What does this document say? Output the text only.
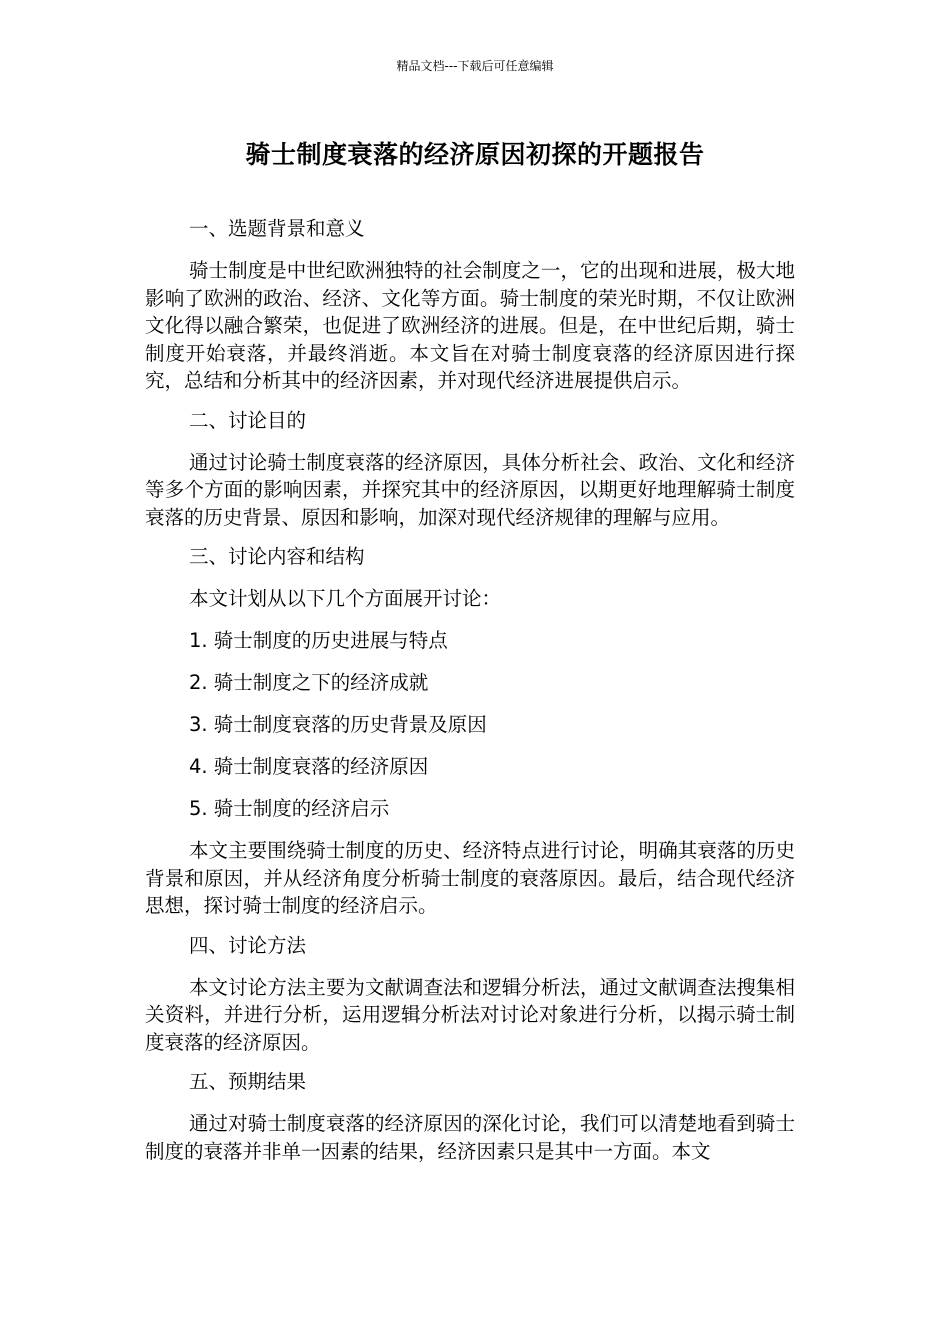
精品文档---下载后可任意编辑
骑士制度衰落的经济原因初探的开题报告

一、选题背景和意义

骑士制度是中世纪欧洲独特的社会制度之一，它的出现和进展，极大地影响了欧洲的政治、经济、文化等方面。骑士制度的荣光时期，不仅让欧洲文化得以融合繁荣，也促进了欧洲经济的进展。但是，在中世纪后期，骑士制度开始衰落，并最终消逝。本文旨在对骑士制度衰落的经济原因进行探究，总结和分析其中的经济因素，并对现代经济进展提供启示。

二、讨论目的

通过讨论骑士制度衰落的经济原因，具体分析社会、政治、文化和经济等多个方面的影响因素，并探究其中的经济原因，以期更好地理解骑士制度衰落的历史背景、原因和影响，加深对现代经济规律的理解与应用。

三、讨论内容和结构

本文计划从以下几个方面展开讨论：

1. 骑士制度的历史进展与特点

2. 骑士制度之下的经济成就

3. 骑士制度衰落的历史背景及原因

4. 骑士制度衰落的经济原因

5. 骑士制度的经济启示

本文主要围绕骑士制度的历史、经济特点进行讨论，明确其衰落的历史背景和原因，并从经济角度分析骑士制度的衰落原因。最后，结合现代经济思想，探讨骑士制度的经济启示。

四、讨论方法

本文讨论方法主要为文献调查法和逻辑分析法，通过文献调查法搜集相关资料，并进行分析，运用逻辑分析法对讨论对象进行分析，以揭示骑士制度衰落的经济原因。

五、预期结果

通过对骑士制度衰落的经济原因的深化讨论，我们可以清楚地看到骑士制度的衰落并非单一因素的结果，经济因素只是其中一方面。本文
